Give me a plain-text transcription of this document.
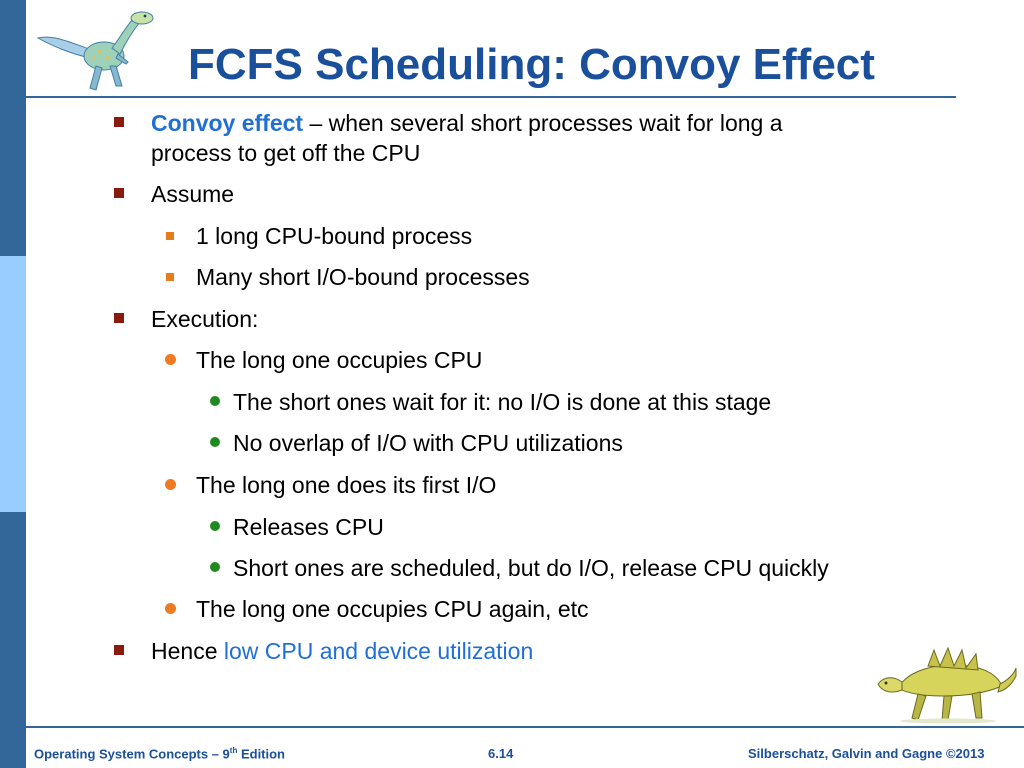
FCFS Scheduling: Convoy Effect
Convoy effect – when several short processes wait for long a
process to get off the CPU
Assume
1 long CPU-bound process
Many short I/O-bound processes
Execution:
The long one occupies CPU
The short ones wait for it: no I/O is done at this stage
No overlap of I/O with CPU utilizations
The long one does its first I/O
Releases CPU
Short ones are scheduled, but do I/O, release CPU quickly
The long one occupies CPU again, etc
Hence low CPU and device utilization
Operating System Concepts – 9th Edition	6.14	Silberschatz, Galvin and Gagne ©2013
